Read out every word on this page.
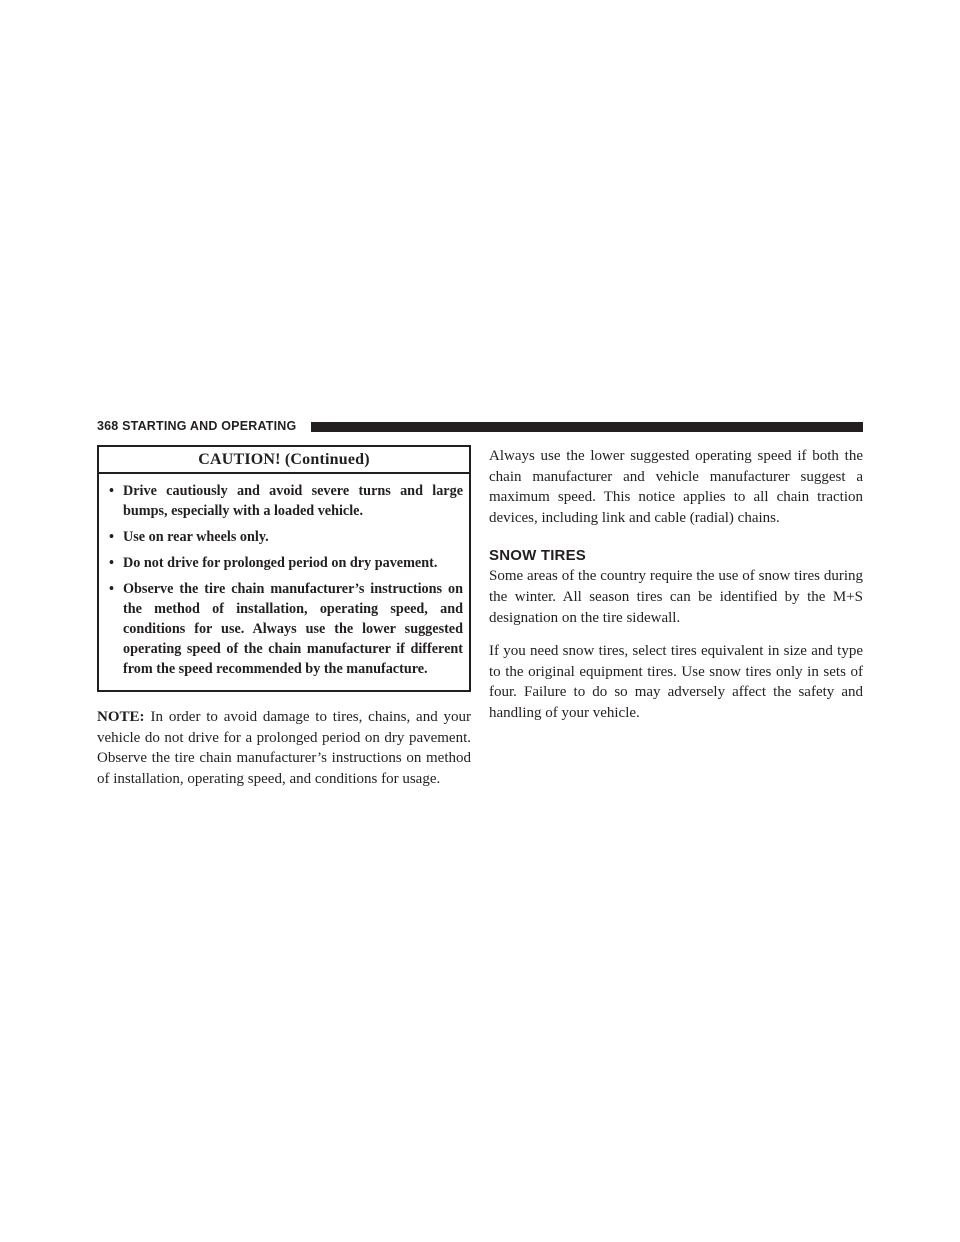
368 STARTING AND OPERATING
CAUTION! (Continued)
• Drive cautiously and avoid severe turns and large bumps, especially with a loaded vehicle.
• Use on rear wheels only.
• Do not drive for prolonged period on dry pavement.
• Observe the tire chain manufacturer’s instructions on the method of installation, operating speed, and conditions for use. Always use the lower suggested operating speed of the chain manufacturer if different from the speed recommended by the manufacture.
NOTE: In order to avoid damage to tires, chains, and your vehicle do not drive for a prolonged period on dry pavement. Observe the tire chain manufacturer’s instructions on method of installation, operating speed, and conditions for usage.

Always use the lower suggested operating speed if both the chain manufacturer and vehicle manufacturer suggest a maximum speed. This notice applies to all chain traction devices, including link and cable (radial) chains.

SNOW TIRES

Some areas of the country require the use of snow tires during the winter. All season tires can be identified by the M+S designation on the tire sidewall.

If you need snow tires, select tires equivalent in size and type to the original equipment tires. Use snow tires only in sets of four. Failure to do so may adversely affect the safety and handling of your vehicle.
